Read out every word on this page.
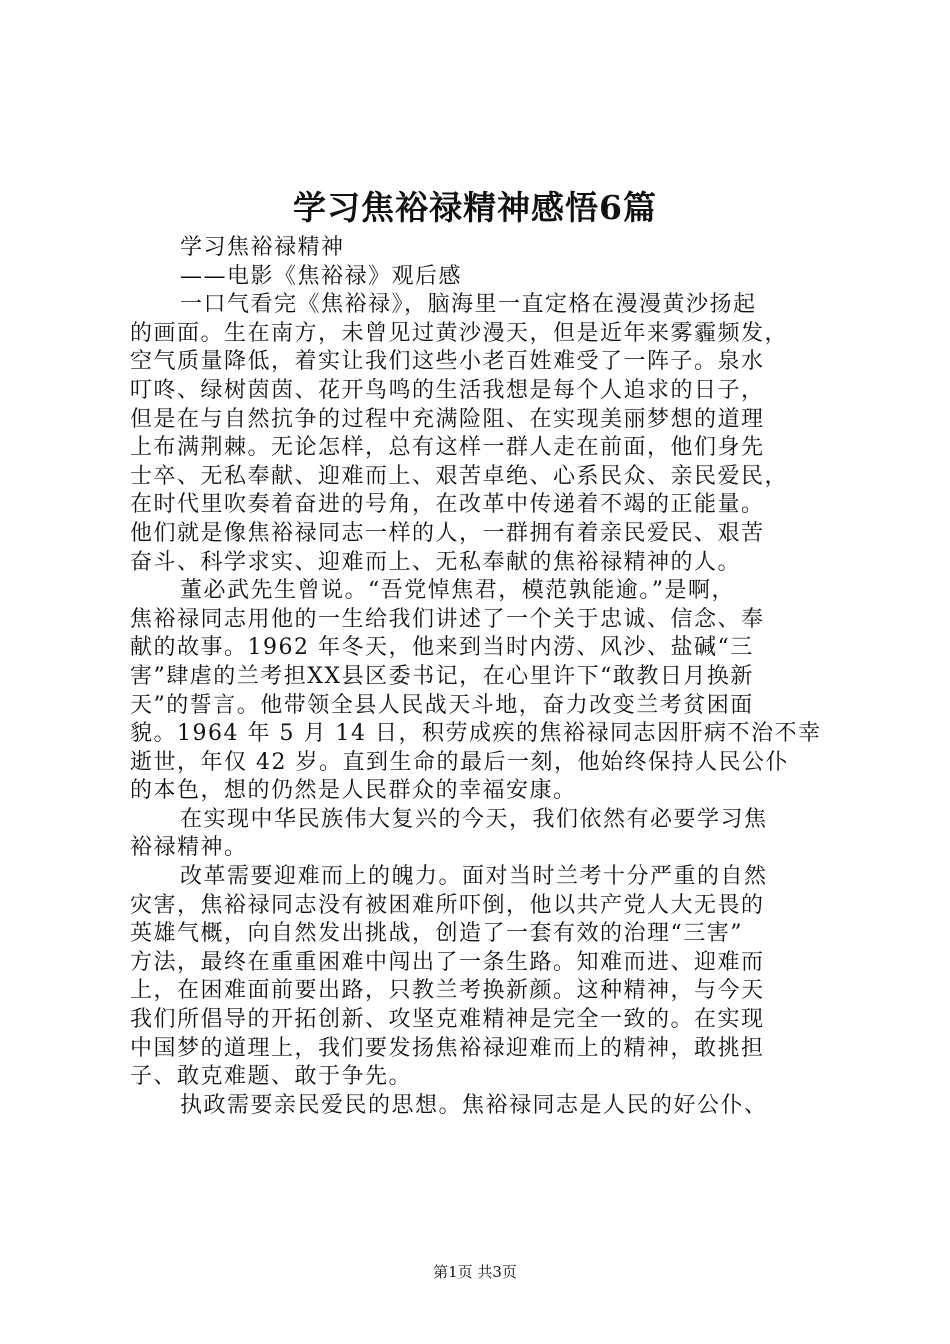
学习焦裕禄精神感悟6篇

学习焦裕禄精神

——电影《焦裕禄》观后感

一口气看完《焦裕禄》，脑海里一直定格在漫漫黄沙扬起

的画面。生在南方，未曾见过黄沙漫天，但是近年来雾霾频发，

空气质量降低，着实让我们这些小老百姓难受了一阵子。泉水

叮咚、绿树茵茵、花开鸟鸣的生活我想是每个人追求的日子，

但是在与自然抗争的过程中充满险阻、在实现美丽梦想的道理

上布满荆棘。无论怎样，总有这样一群人走在前面，他们身先

士卒、无私奉献、迎难而上、艰苦卓绝、心系民众、亲民爱民，

在时代里吹奏着奋进的号角，在改革中传递着不竭的正能量。

他们就是像焦裕禄同志一样的人，一群拥有着亲民爱民、艰苦

奋斗、科学求实、迎难而上、无私奉献的焦裕禄精神的人。

董必武先生曾说。“吾党悼焦君，模范孰能逾。”是啊，

焦裕禄同志用他的一生给我们讲述了一个关于忠诚、信念、奉

献的故事。1962 年冬天，他来到当时内涝、风沙、盐碱“三

害”肆虐的兰考担XX县区委书记，在心里许下“敢教日月换新

天”的誓言。他带领全县人民战天斗地，奋力改变兰考贫困面

貌。1964 年 5 月 14 日，积劳成疾的焦裕禄同志因肝病不治不幸

逝世，年仅 42 岁。直到生命的最后一刻，他始终保持人民公仆

的本色，想的仍然是人民群众的幸福安康。

在实现中华民族伟大复兴的今天，我们依然有必要学习焦

裕禄精神。

改革需要迎难而上的魄力。面对当时兰考十分严重的自然

灾害，焦裕禄同志没有被困难所吓倒，他以共产党人大无畏的

英雄气概，向自然发出挑战，创造了一套有效的治理“三害”

方法，最终在重重困难中闯出了一条生路。知难而进、迎难而

上，在困难面前要出路，只教兰考换新颜。这种精神，与今天

我们所倡导的开拓创新、攻坚克难精神是完全一致的。在实现

中国梦的道理上，我们要发扬焦裕禄迎难而上的精神，敢挑担

子、敢克难题、敢于争先。

执政需要亲民爱民的思想。焦裕禄同志是人民的好公仆、

第1页 共3页
